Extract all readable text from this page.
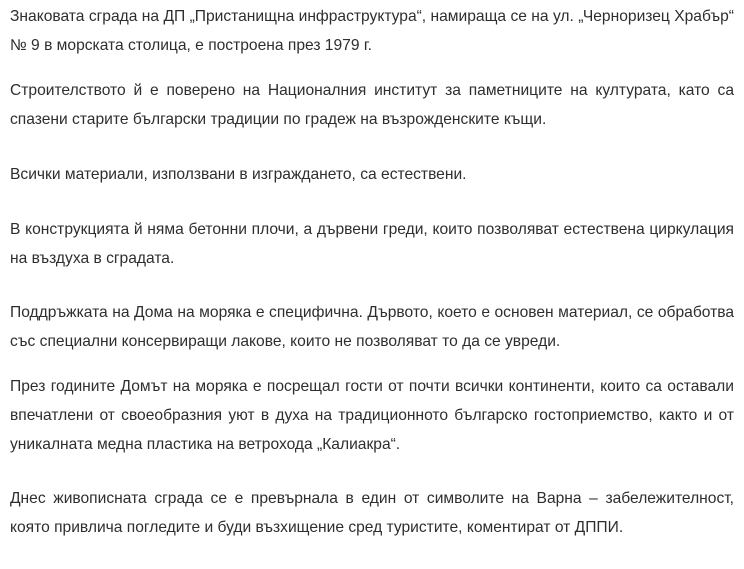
Знаковата сграда на ДП „Пристанищна инфраструктура“, намираща се на ул. „Черноризец Храбър“ № 9 в морската столица, е построена през 1979 г.

Строителството й е поверено на Националния институт за паметниците на културата, като са спазени старите български традиции по градеж на възрожденските къщи.

Всички материали, използвани в изграждането, са естествени.

В конструкцията й няма бетонни плочи, а дървени греди, които позволяват естествена циркулация на въздуха в сградата.

Поддръжката на Дома на моряка е специфична. Дървото, което е основен материал, се обработва със специални консервиращи лакове, които не позволяват то да се увреди.

През годините Домът на моряка е посрещал гости от почти всички континенти, които са оставали впечатлени от своеобразния уют в духа на традиционното българско гостоприемство, както и от уникалната медна пластика на ветрохода „Калиакра“.

Днес живописната сграда се е превърнала в един от символите на Варна – забележителност, която привлича погледите и буди възхищение сред туристите, коментират от ДППИ.
